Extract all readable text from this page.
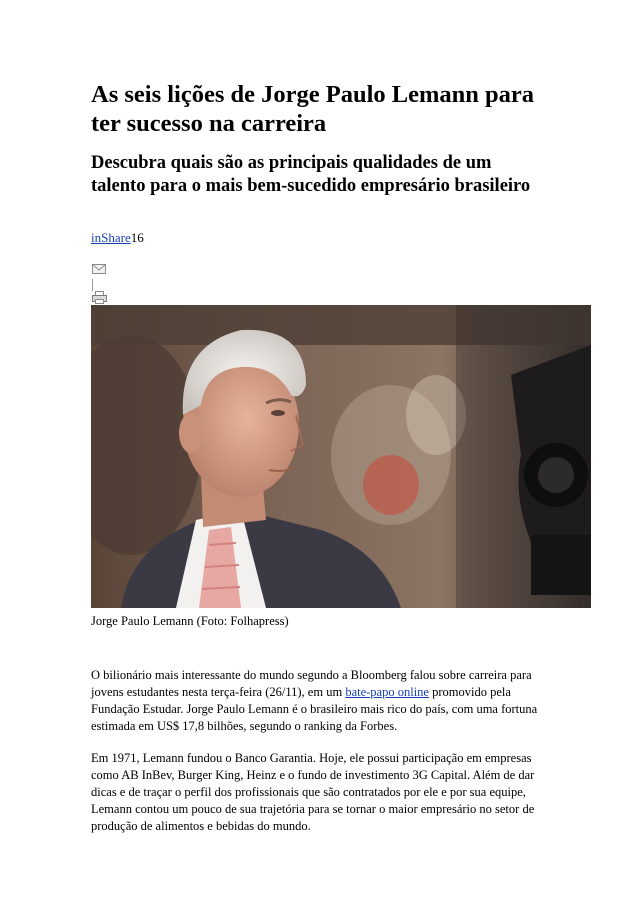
As seis lições de Jorge Paulo Lemann para ter sucesso na carreira
Descubra quais são as principais qualidades de um talento para o mais bem-sucedido empresário brasileiro
inShare16
Jorge Paulo Lemann (Foto: Folhapress)

O bilionário mais interessante do mundo segundo a Bloomberg falou sobre carreira para jovens estudantes nesta terça-feira (26/11), em um bate-papo online promovido pela Fundação Estudar. Jorge Paulo Lemann é o brasileiro mais rico do país, com uma fortuna estimada em US$ 17,8 bilhões, segundo o ranking da Forbes.

Em 1971, Lemann fundou o Banco Garantia. Hoje, ele possui participação em empresas como AB InBev, Burger King, Heinz e o fundo de investimento 3G Capital. Além de dar dicas e de traçar o perfil dos profissionais que são contratados por ele e por sua equipe, Lemann contou um pouco de sua trajetória para se tornar o maior empresário no setor de produção de alimentos e bebidas do mundo.
